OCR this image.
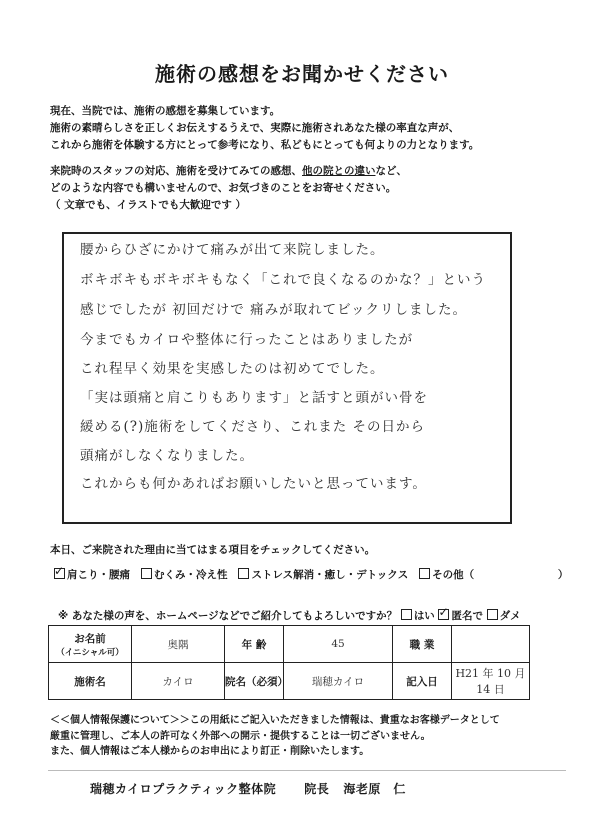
施術の感想をお聞かせください
現在、当院では、施術の感想を募集しています。
施術の素晴らしさを正しくお伝えするうえで、実際に施術されあなた様の率直な声が、
これから施術を体験する方にとって参考になり、私どもにとっても何よりの力となります。
来院時のスタッフの対応、施術を受けてみての感想、他の院との違いなど、
どのような内容でも構いませんので、お気づきのことをお寄せください。
（ 文章でも、イラストでも大歓迎です ）
腰からひざにかけて痛みが出て来院しました。
ボキボキもボキボキもなく「これで良くなるのかな？」という
感じでしたが 初回だけで 痛みが取れてビックリしました。
今までもカイロや整体に行ったことはありましたが
これ程早く効果を実感したのは初めてでした。
「実は頭痛と肩こりもあります」と話すと頭がい骨を
緩める(?)施術をしてくださり、これまた その日から
頭痛がしなくなりました。
これからも何かあればお願いしたいと思っています。
本日、ご来院された理由に当てはまる項目をチェックしてください。
✓肩こり・腰痛 むくみ・冷え性 ストレス解消・癒し・デトックス その他（	）
※ あなた様の声を、ホームページなどでご紹介してもよろしいですか？ はい ✓ 匿名で ダメ
お名前
（イニシャル可）	奥隅	年 齢	45	職 業	
施術名	カイロ	院名（必須）	瑞穂カイロ	記入日	H21 年 10 月 14 日
＜＜個人情報保護について＞＞この用紙にご記入いただきました情報は、貴重なお客様データとして
厳重に管理し、ご本人の許可なく外部への開示・提供することは一切ございません。
また、個人情報はご本人様からのお申出により訂正・削除いたします。
瑞穂カイロプラクティック整体院 院長 海老原　仁
